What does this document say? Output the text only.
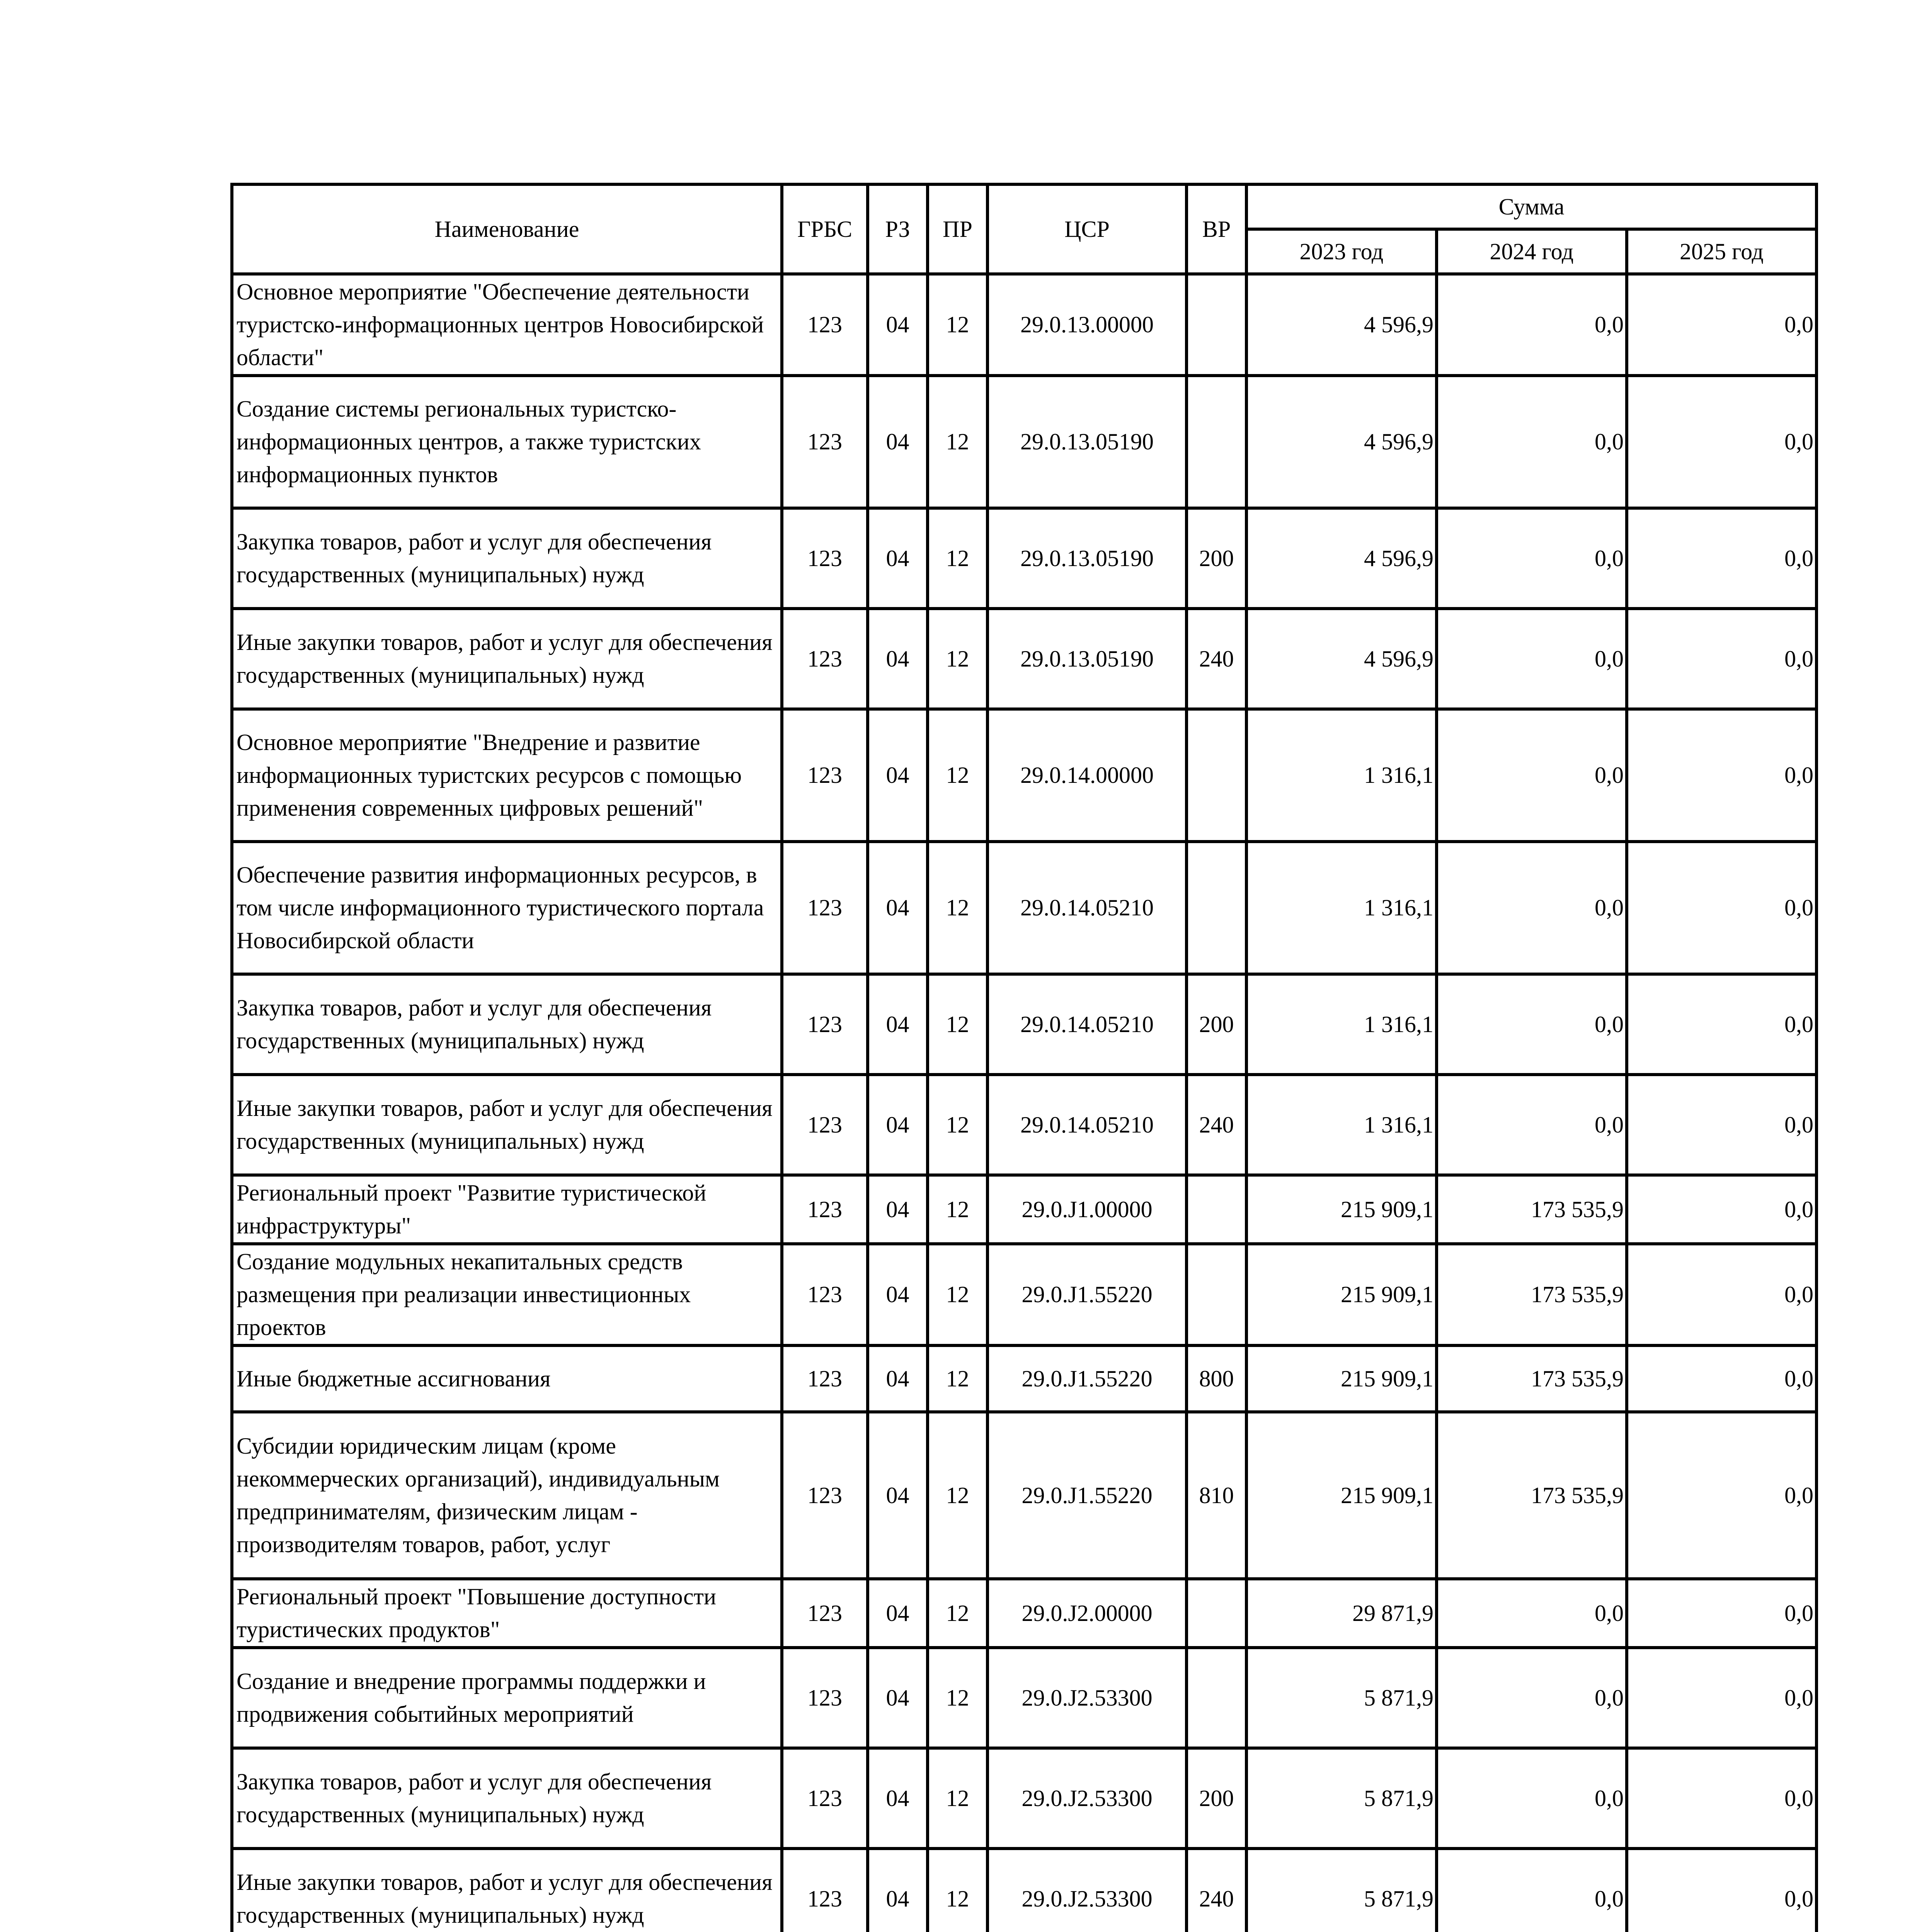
Наименование	ГРБС	РЗ	ПР	ЦСР	ВР	Сумма		
						2023 год	2024 год	2025 год
Основное мероприятие "Обеспечение деятельности туристско-информационных центров Новосибирской области"	123	04	12	29.0.13.00000		4 596,9	0,0	0,0
Создание системы региональных туристско-информационных центров, а также туристских информационных пунктов	123	04	12	29.0.13.05190		4 596,9	0,0	0,0
Закупка товаров, работ и услуг для обеспечения государственных (муниципальных) нужд	123	04	12	29.0.13.05190	200	4 596,9	0,0	0,0
Иные закупки товаров, работ и услуг для обеспечения государственных (муниципальных) нужд	123	04	12	29.0.13.05190	240	4 596,9	0,0	0,0
Основное мероприятие "Внедрение и развитие информационных туристских ресурсов с помощью применения современных цифровых решений"	123	04	12	29.0.14.00000		1 316,1	0,0	0,0
Обеспечение развития информационных ресурсов, в том числе информационного туристического портала Новосибирской области	123	04	12	29.0.14.05210		1 316,1	0,0	0,0
Закупка товаров, работ и услуг для обеспечения государственных (муниципальных) нужд	123	04	12	29.0.14.05210	200	1 316,1	0,0	0,0
Иные закупки товаров, работ и услуг для обеспечения государственных (муниципальных) нужд	123	04	12	29.0.14.05210	240	1 316,1	0,0	0,0
Региональный проект "Развитие туристической инфраструктуры"	123	04	12	29.0.J1.00000		215 909,1	173 535,9	0,0
Создание модульных некапитальных средств размещения при реализации инвестиционных проектов	123	04	12	29.0.J1.55220		215 909,1	173 535,9	0,0
Иные бюджетные ассигнования	123	04	12	29.0.J1.55220	800	215 909,1	173 535,9	0,0
Субсидии юридическим лицам (кроме некоммерческих организаций), индивидуальным предпринимателям, физическим лицам - производителям товаров, работ, услуг	123	04	12	29.0.J1.55220	810	215 909,1	173 535,9	0,0
Региональный проект "Повышение доступности туристических продуктов"	123	04	12	29.0.J2.00000		29 871,9	0,0	0,0
Создание и внедрение программы поддержки и продвижения событийных мероприятий	123	04	12	29.0.J2.53300		5 871,9	0,0	0,0
Закупка товаров, работ и услуг для обеспечения государственных (муниципальных) нужд	123	04	12	29.0.J2.53300	200	5 871,9	0,0	0,0
Иные закупки товаров, работ и услуг для обеспечения государственных (муниципальных) нужд	123	04	12	29.0.J2.53300	240	5 871,9	0,0	0,0
